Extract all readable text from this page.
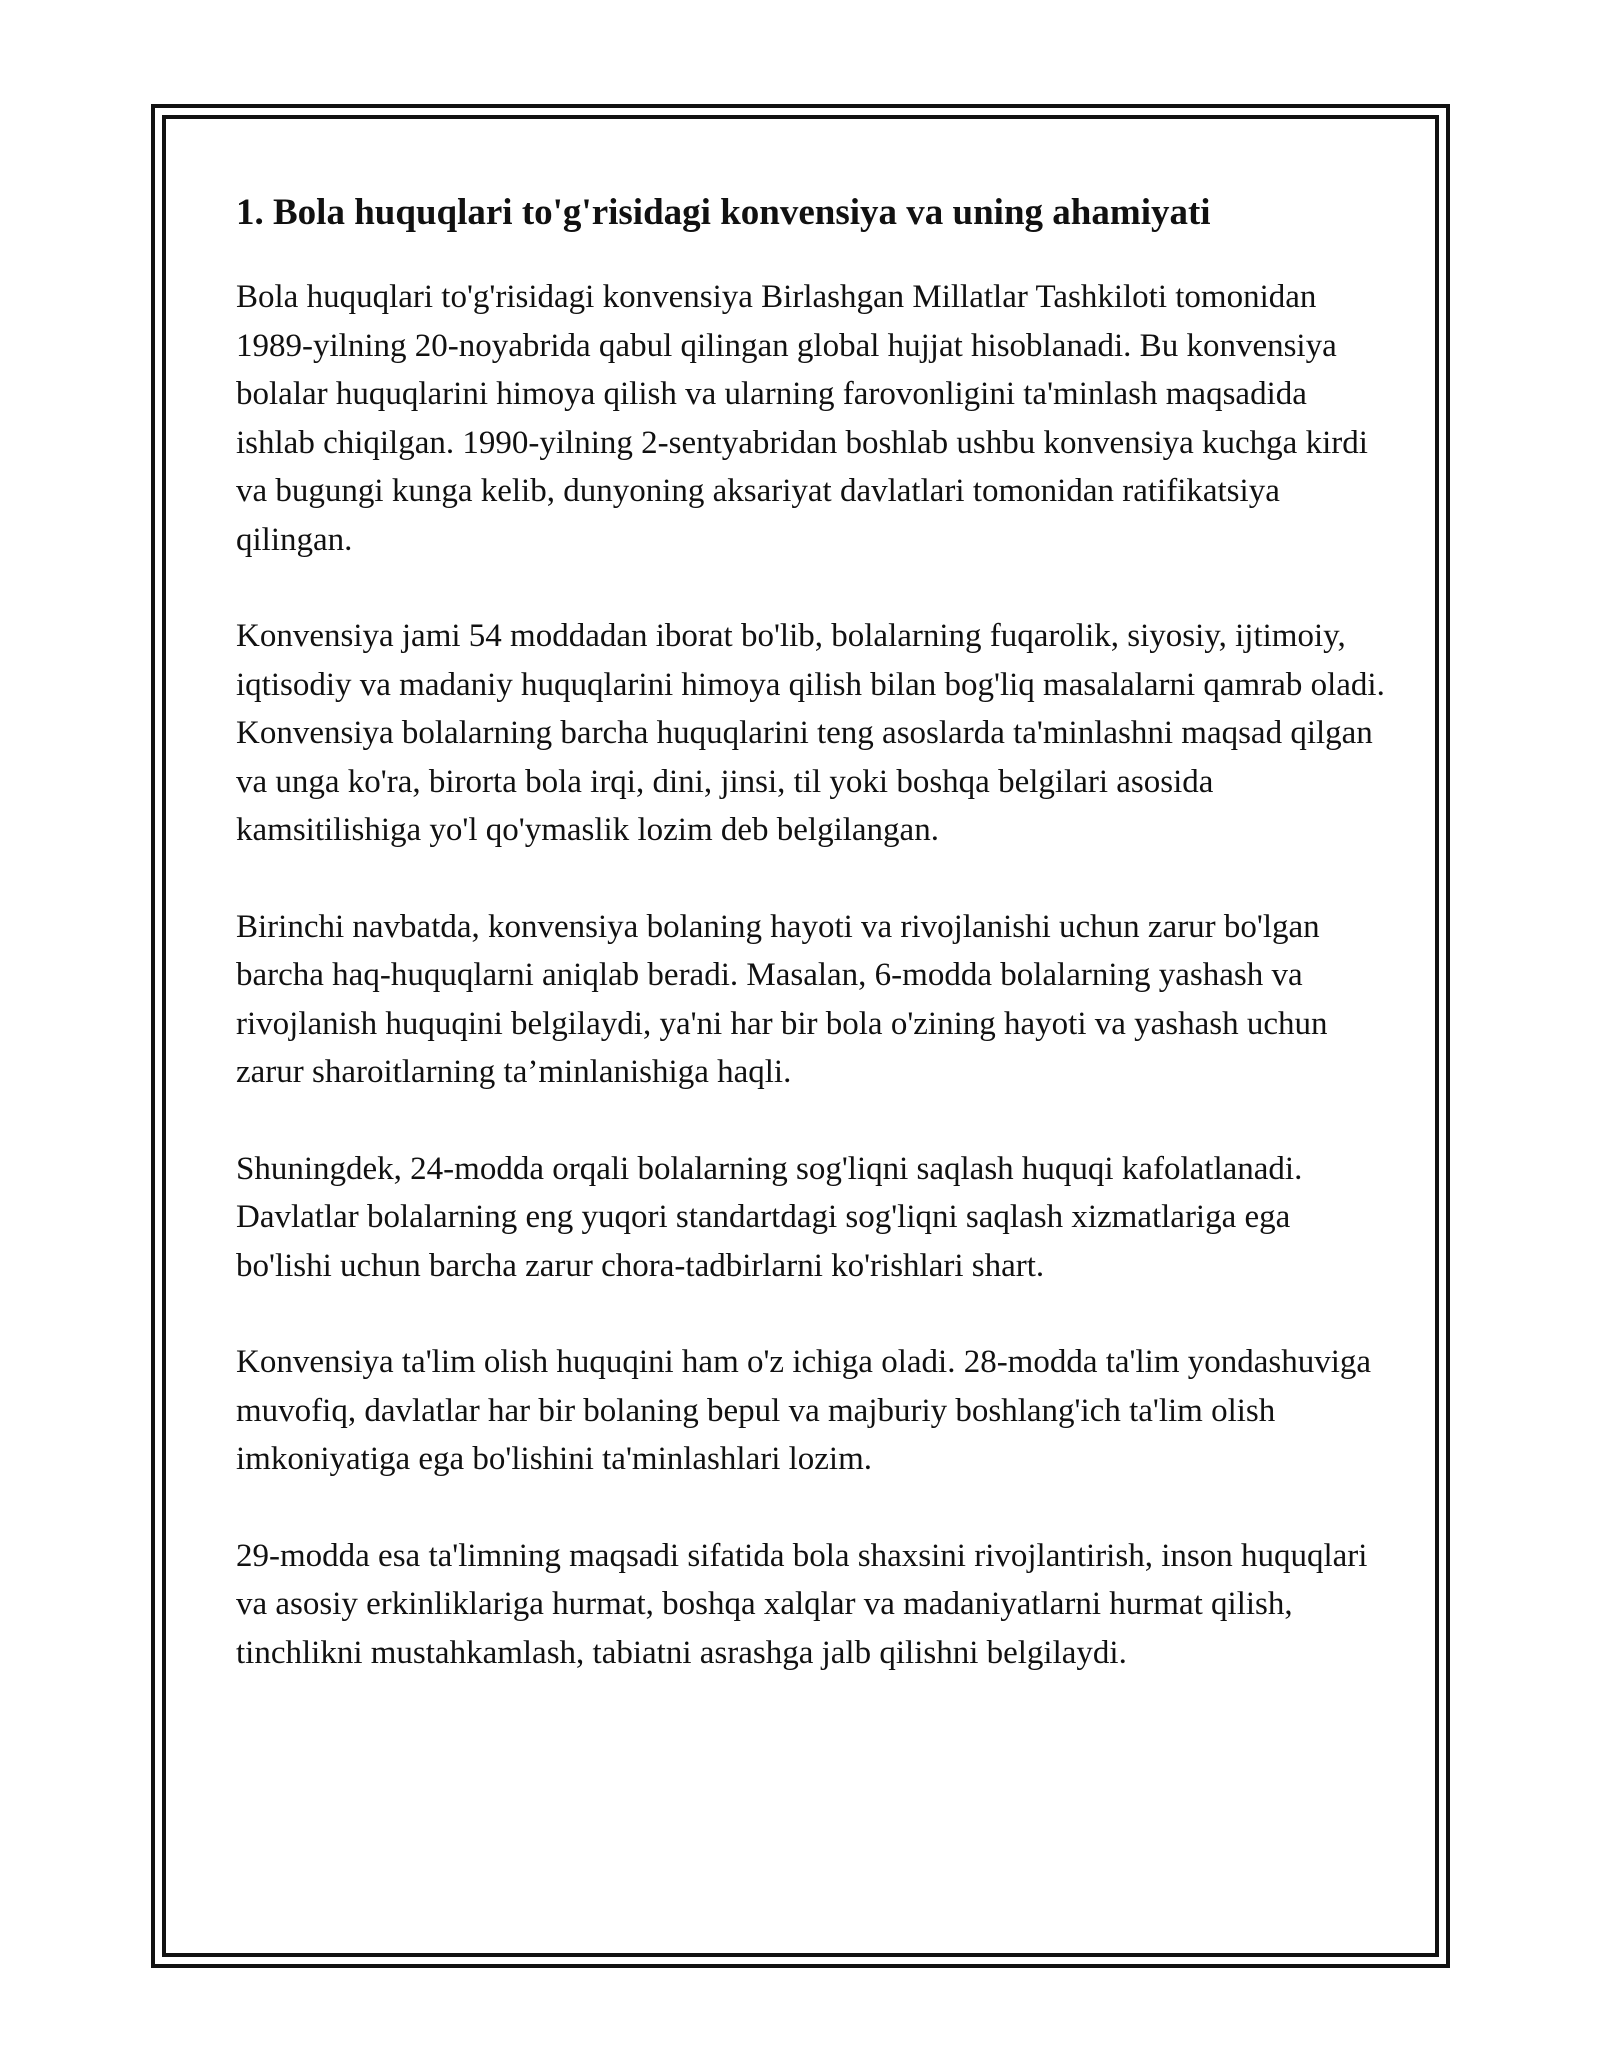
1. Bola huquqlari to'g'risidagi konvensiya va uning ahamiyati

Bola huquqlari to'g'risidagi konvensiya Birlashgan Millatlar Tashkiloti tomonidan 1989-yilning 20-noyabrida qabul qilingan global hujjat hisoblanadi. Bu konvensiya bolalar huquqlarini himoya qilish va ularning farovonligini ta'minlash maqsadida ishlab chiqilgan. 1990-yilning 2-sentyabridan boshlab ushbu konvensiya kuchga kirdi va bugungi kunga kelib, dunyoning aksariyat davlatlari tomonidan ratifikatsiya qilingan.

Konvensiya jami 54 moddadan iborat bo'lib, bolalarning fuqarolik, siyosiy, ijtimoiy, iqtisodiy va madaniy huquqlarini himoya qilish bilan bog'liq masalalarni qamrab oladi. Konvensiya bolalarning barcha huquqlarini teng asoslarda ta'minlashni maqsad qilgan va unga ko'ra, birorta bola irqi, dini, jinsi, til yoki boshqa belgilari asosida kamsitilishiga yo'l qo'ymaslik lozim deb belgilangan.

Birinchi navbatda, konvensiya bolaning hayoti va rivojlanishi uchun zarur bo'lgan barcha haq-huquqlarni aniqlab beradi. Masalan, 6-modda bolalarning yashash va rivojlanish huquqini belgilaydi, ya'ni har bir bola o'zining hayoti va yashash uchun zarur sharoitlarning ta’minlanishiga haqli.

Shuningdek, 24-modda orqali bolalarning sog'liqni saqlash huquqi kafolatlanadi. Davlatlar bolalarning eng yuqori standartdagi sog'liqni saqlash xizmatlariga ega bo'lishi uchun barcha zarur chora-tadbirlarni ko'rishlari shart.

Konvensiya ta'lim olish huquqini ham o'z ichiga oladi. 28-modda ta'lim yondashuviga muvofiq, davlatlar har bir bolaning bepul va majburiy boshlang'ich ta'lim olish imkoniyatiga ega bo'lishini ta'minlashlari lozim.

29-modda esa ta'limning maqsadi sifatida bola shaxsini rivojlantirish, inson huquqlari va asosiy erkinliklariga hurmat, boshqa xalqlar va madaniyatlarni hurmat qilish, tinchlikni mustahkamlash, tabiatni asrashga jalb qilishni belgilaydi.
